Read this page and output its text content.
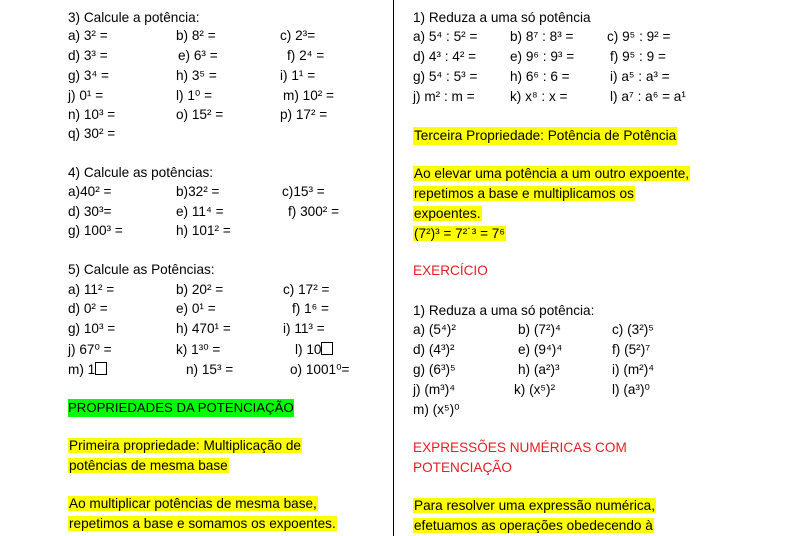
3) Calcule a potência:
a) 3² =	b) 8² =	c) 2³=
d) 3³ =	e) 6³ =	f) 2⁴ =
g) 3⁴ =	h) 3⁵ =	i) 1¹ =
j) 0¹ =	l) 1⁰ =	m) 10² =
n) 10³ =	o) 15² =	p) 17² =
q) 30² =
4) Calcule as potências:
a)40² =	b)32² =	c)15³ =
d) 30³=	e) 11⁴ =	f) 300² =
g) 100³ =	h) 101² =
5) Calcule as Potências:
a) 11² =	b) 20² =	c) 17² =
d) 0² =	e) 0¹ =	f) 1⁶ =
g) 10³ =	h) 470¹ =	i) 11³ =
j) 67⁰ =	k) 1³⁰ =	l) 10
m) 1	n) 15³ =	o) 1001⁰=
PROPRIEDADES DA POTENCIAÇÃO
Primeira propriedade: Multiplicação de
potências de mesma base
Ao multiplicar potências de mesma base,
repetimos a base e somamos os expoentes.
1) Reduza a uma só potência
a) 5⁴ : 5² = b) 8⁷ : 8³ = c) 9⁵ : 9² =
d) 4³ : 4² = e) 9⁶ : 9³ =	f) 9⁵ : 9 =
g) 5⁴ : 5³ = h) 6⁶ : 6 =	i) a⁵ : a³ =
j) m² : m =	k) x⁸ : x =	l) a⁷ : a⁶ = a¹
Terceira Propriedade: Potência de Potência
Ao elevar uma potência a um outro expoente,
repetimos a base e multiplicamos os
expoentes.
(7²)³ = 7²˙³ = 7⁶
EXERCÍCIO
1) Reduza a uma só potência:
a) (5⁴)²	b) (7²)⁴	c) (3²)⁵
d) (4³)²	e) (9⁴)⁴	f) (5²)⁷
g) (6³)⁵	h) (a²)³	i) (m²)⁴
j) (m³)⁴	k) (x⁵)²	l) (a³)⁰
m) (x⁵)⁰
EXPRESSÕES NUMÉRICAS COM
POTENCIAÇÃO
Para resolver uma expressão numérica,
efetuamos as operações obedecendo à
